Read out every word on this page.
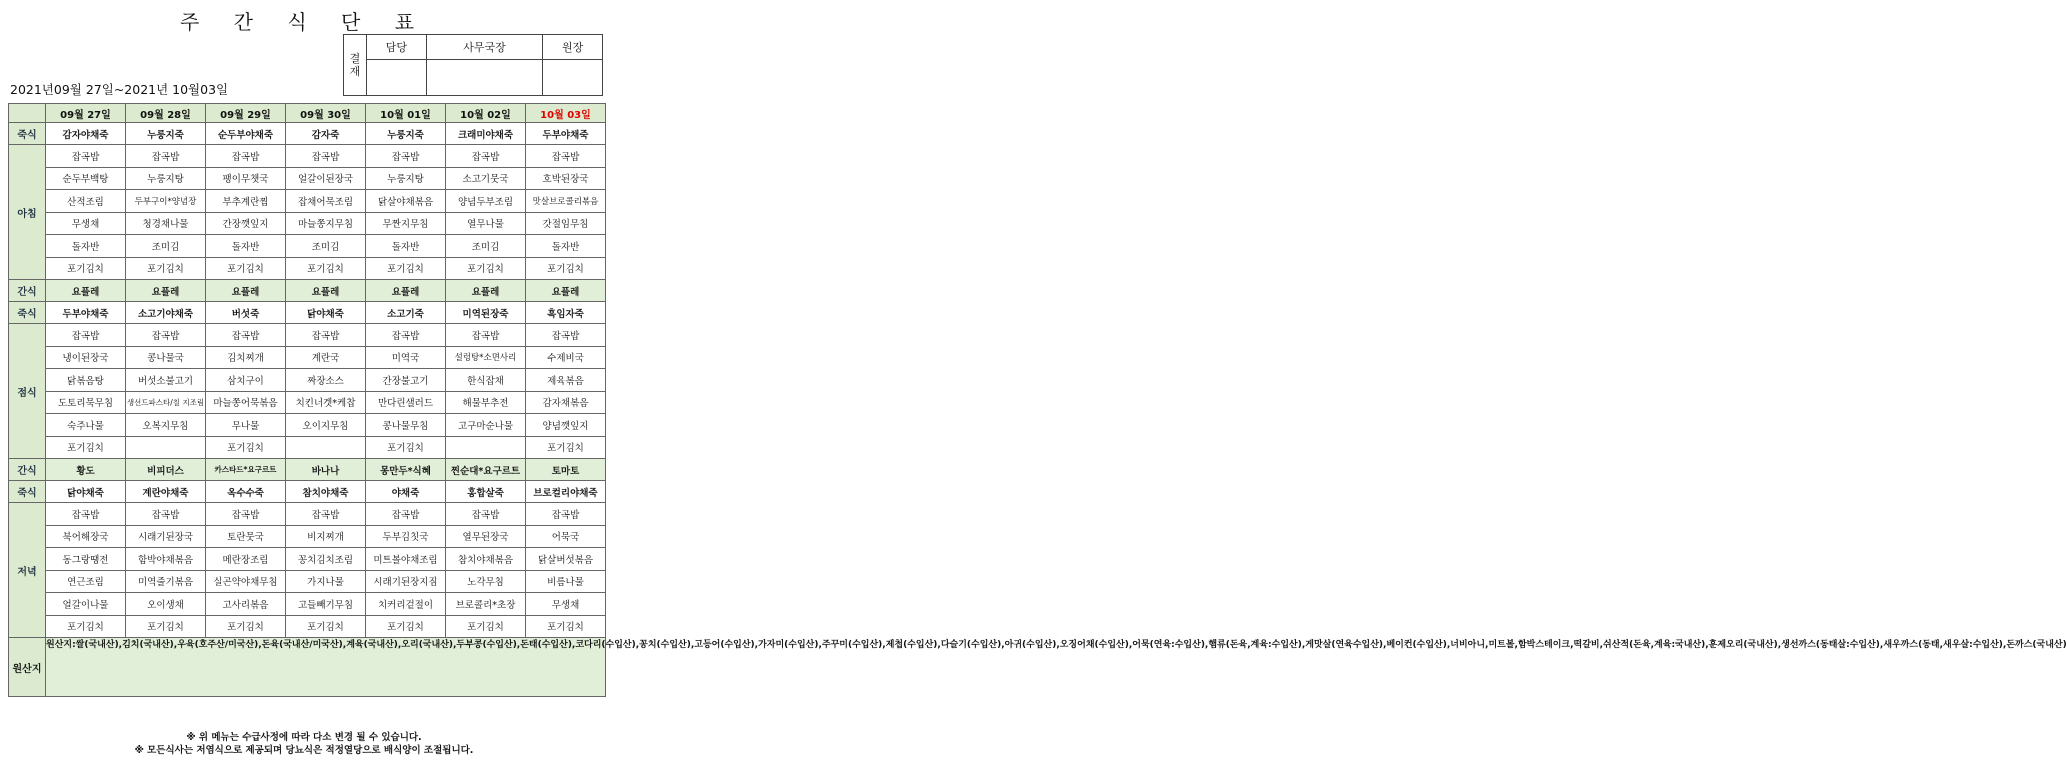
주 간 식 단 표
결
재	담당	사무국장	원장

2021년09월 27일~2021년 10월03일
	09월 27일	09월 28일	09월 29일	09월 30일	10월 01일	10월 02일	10월 03일
죽식	감자야채죽	누룽지죽	순두부야채죽	감자죽	누룽지죽	크래미야채죽	두부야채죽
아침	잡곡밥	잡곡밥	잡곡밥	잡곡밥	잡곡밥	잡곡밥	잡곡밥
	순두부백탕	누룽지탕	팽이무챗국	얼갈이된장국	누룽지탕	소고기뭇국	호박된장국
	산적조림	두부구이*양념장	부추계란찜	잡채어묵조림	닭살야채볶음	양념두부조림	맛살브로콜리볶음
	무생채	청경채나물	간장깻잎지	마늘쫑지무침	무짠지무침	열무나물	갓절임무침
	돌자반	조미김	돌자반	조미김	돌자반	조미김	돌자반
	포기김치	포기김치	포기김치	포기김치	포기김치	포기김치	포기김치
간식	요플레	요플레	요플레	요플레	요플레	요플레	요플레
죽식	두부야채죽	소고기야채죽	버섯죽	닭야채죽	소고기죽	미역된장죽	흑임자죽
점식	잡곡밥	잡곡밥	잡곡밥	잡곡밥	잡곡밥	잡곡밥	잡곡밥
	냉이된장국	콩나물국	김치찌개	계란국	미역국	설렁탕*소면사리	수제비국
	닭볶음탕	버섯소불고기	삼치구이	짜장소스	간장불고기	한식잡채	제육볶음
	도토리묵무침	생선드파스타/칠 지조림	마늘쫑어묵볶음	치킨너겟*케찹	만다린샐러드	해물부추전	감자채볶음
	숙주나물	오복지무침	무나물	오이지무침	콩나물무침	고구마순나물	양념깻잎지
	포기김치		포기김치		포기김치		포기김치
간식	황도	비피더스	카스타드*요구르트	바나나	몽만두*식혜	찐순대*요구르트	토마토
죽식	닭야채죽	계란야채죽	옥수수죽	참치야채죽	야채죽	홍합살죽	브로컬리야채죽
저녁	잡곡밥	잡곡밥	잡곡밥	잡곡밥	잡곡밥	잡곡밥	잡곡밥
	북어해장국	시래기된장국	토란뭇국	비지찌개	두부김칫국	열무된장국	어묵국
	동그랑땡전	함박야채볶음	메란장조림	꽁치김치조림	미트볼야채조림	참치야채볶음	닭살버섯볶음
	연근조림	미역줄기볶음	실곤약야채무침	가지나물	시래기된장지짐	노각무침	비름나물
	얼갈이나물	오이생채	고사리볶음	고들빼기무침	치커리겉절이	브로콜리*초장	무생채
	포기김치	포기김치	포기김치	포기김치	포기김치	포기김치	포기김치
원산지	원산지:쌀(국내산),김치(국내산),우육(호주산/미국산),돈육(국내산/미국산),계육(국내산),오리(국내산),두부콩(수입산),돈태(수입산),코다리(수입산),꽁치(수입산),고등어(수입산),가자미(수입산),주꾸미(수입산),제첩(수입산),다슬기(수입산),아귀(수입산),오징어채(수입산),어묵(연육:수입산),햄류(돈육,계육:수입산),게맛살(연육수입산),베이컨(수입산),너비아니,미트볼,함박스테이크,떡갈비,쉬산적(돈육,계육:국내산),훈제오리(국내산),생선까스(동태살:수입산),새우까스(동태,새우살:수입산),돈까스(국내산)						
※ 위 메뉴는 수급사정에 따라 다소 변경 될 수 있습니다.
※ 모든식사는 저염식으로 제공되며 당뇨식은 적정열당으로 배식양이 조절됩니다.
